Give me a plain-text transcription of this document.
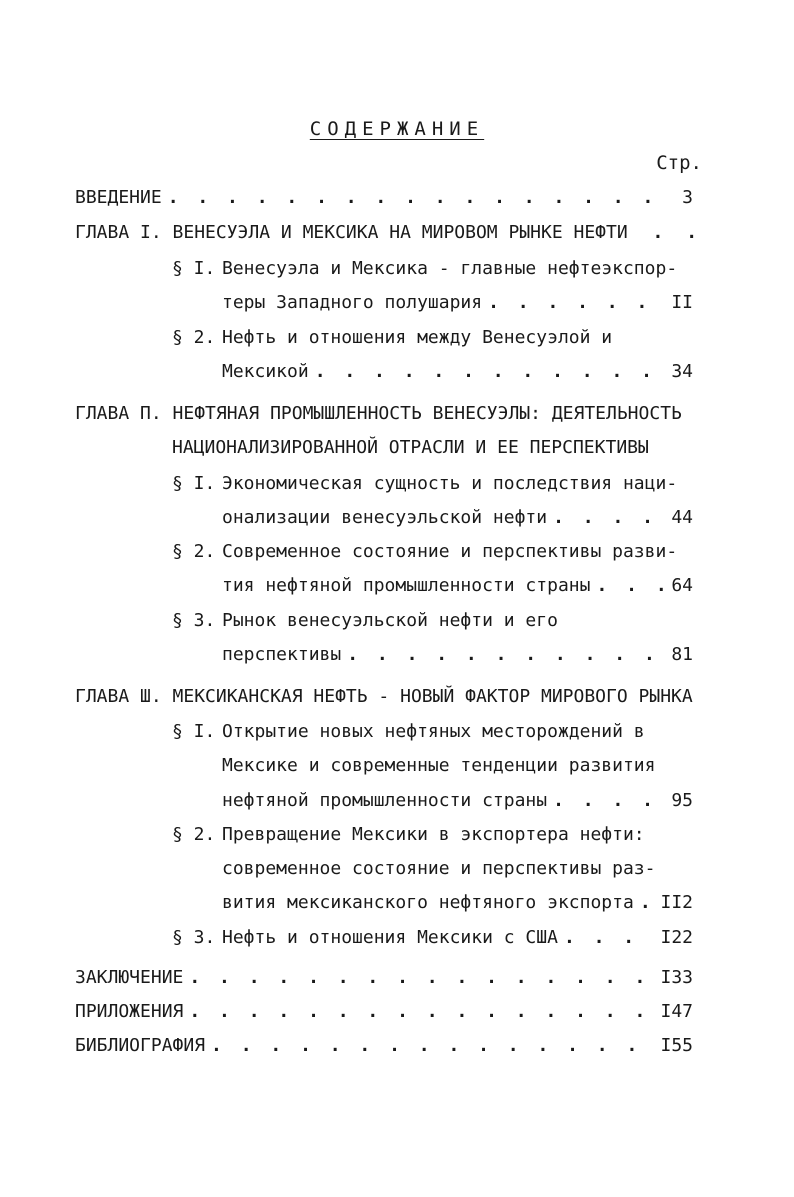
СОДЕРЖАНИЕ
Стр.
ВВЕДЕНИЕ . . .	3
ГЛАВА I. ВЕНЕСУЭЛА И МЕКСИКА НА МИРОВОМ РЫНКЕ НЕФТИ . .
§ I. Венесуэла и Мексика - главные нефтеэкспор-
теры Западного полушария . . .	II
§ 2. Нефть и отношения между Венесуэлой и
Мексикой . . .	34
ГЛАВА П. НЕФТЯНАЯ ПРОМЫШЛЕННОСТЬ ВЕНЕСУЭЛЫ: ДЕЯТЕЛЬНОСТЬ
НАЦИОНАЛИЗИРОВАННОЙ ОТРАСЛИ И ЕЕ ПЕРСПЕКТИВЫ
§ I. Экономическая сущность и последствия наци-
онализации венесуэльской нефти . . .	44
§ 2. Современное состояние и перспективы разви-
тия нефтяной промышленности страны . . .	64
§ 3. Рынок венесуэльской нефти и его
перспективы . . .	81
ГЛАВА Ш. МЕКСИКАНСКАЯ НЕФТЬ - НОВЫЙ ФАКТОР МИРОВОГО РЫНКА
§ I. Открытие новых нефтяных месторождений в
Мексике и современные тенденции развития
нефтяной промышленности страны . . .	95
§ 2. Превращение Мексики в экспортера нефти:
современное состояние и перспективы раз-
вития мексиканского нефтяного экспорта . . . II2
§ 3. Нефть и отношения Мексики с США . . .	I22
ЗАКЛЮЧЕНИЕ . . .	I33
ПРИЛОЖЕНИЯ . . .	I47
БИБЛИОГРАФИЯ . . .	I55
